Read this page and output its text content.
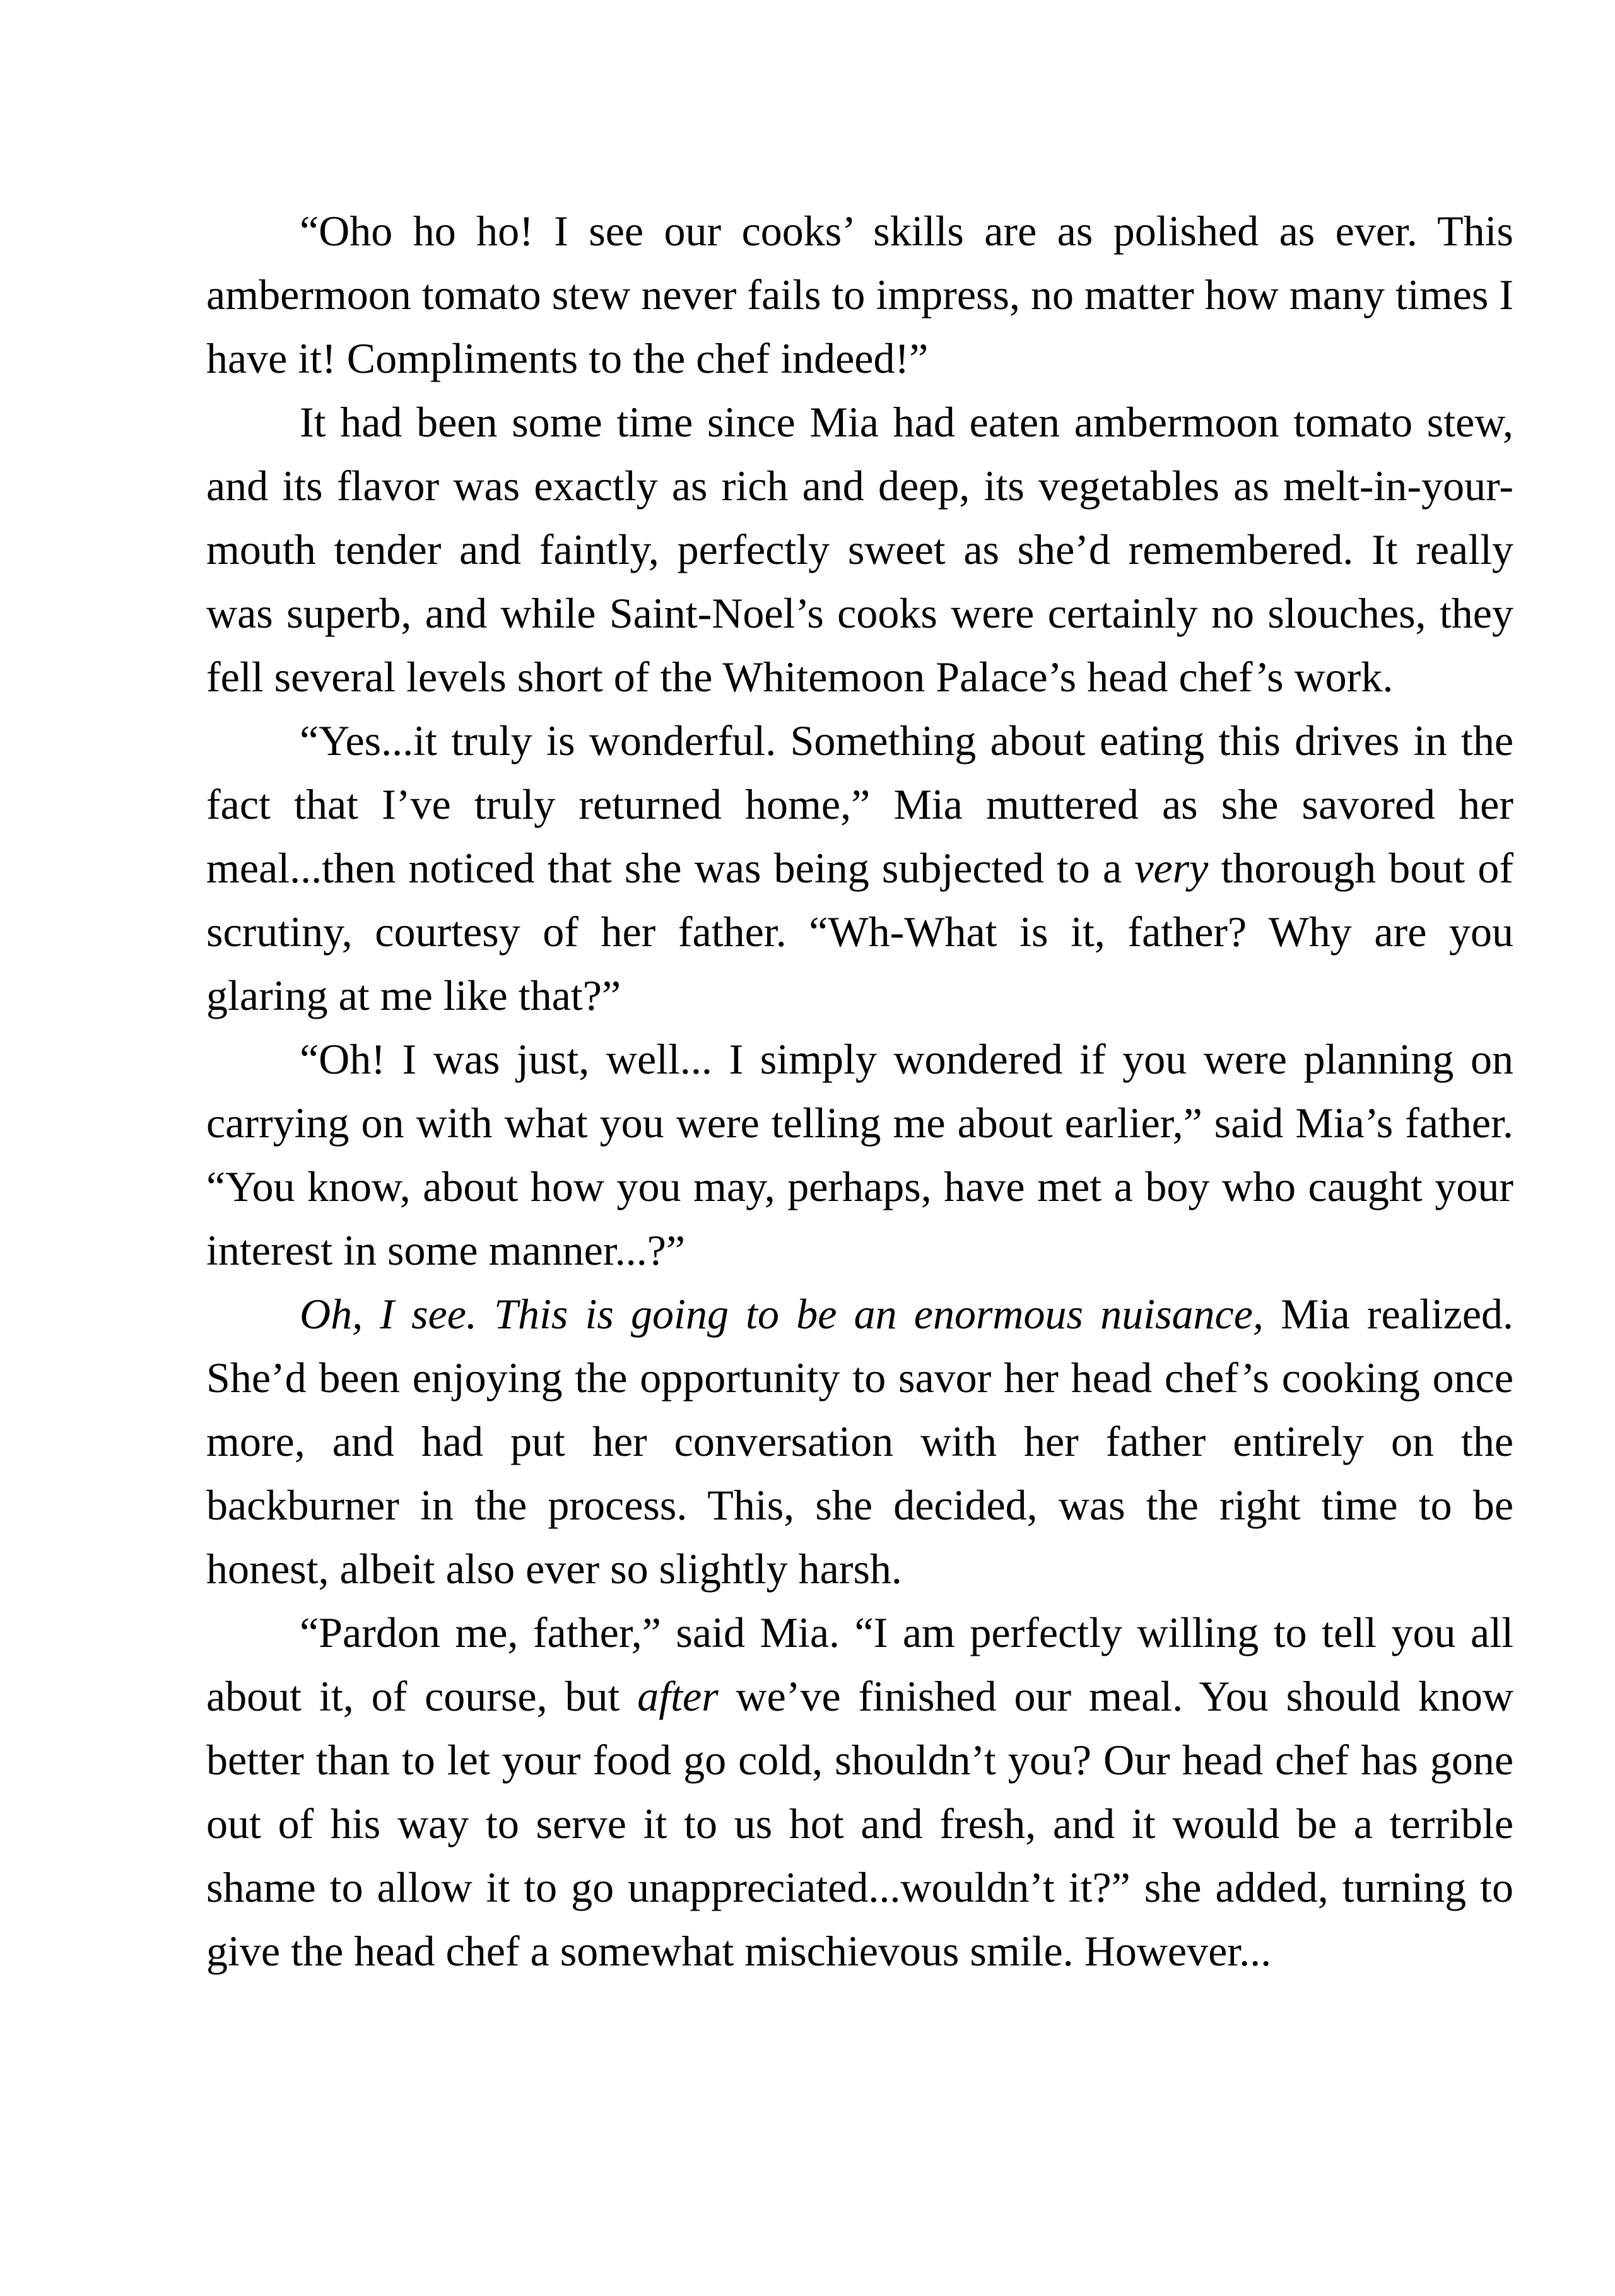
“Oho ho ho! I see our cooks’ skills are as polished as ever. This ambermoon tomato stew never fails to impress, no matter how many times I have it! Compliments to the chef indeed!”

It had been some time since Mia had eaten ambermoon tomato stew, and its flavor was exactly as rich and deep, its vegetables as melt-in-your-mouth tender and faintly, perfectly sweet as she’d remembered. It really was superb, and while Saint-Noel’s cooks were certainly no slouches, they fell several levels short of the Whitemoon Palace’s head chef’s work.

“Yes...it truly is wonderful. Something about eating this drives in the fact that I’ve truly returned home,” Mia muttered as she savored her meal...then noticed that she was being subjected to a very thorough bout of scrutiny, courtesy of her father. “Wh-What is it, father? Why are you glaring at me like that?”

“Oh! I was just, well... I simply wondered if you were planning on carrying on with what you were telling me about earlier,” said Mia’s father. “You know, about how you may, perhaps, have met a boy who caught your interest in some manner...?”

Oh, I see. This is going to be an enormous nuisance, Mia realized. She’d been enjoying the opportunity to savor her head chef’s cooking once more, and had put her conversation with her father entirely on the backburner in the process. This, she decided, was the right time to be honest, albeit also ever so slightly harsh.

“Pardon me, father,” said Mia. “I am perfectly willing to tell you all about it, of course, but after we’ve finished our meal. You should know better than to let your food go cold, shouldn’t you? Our head chef has gone out of his way to serve it to us hot and fresh, and it would be a terrible shame to allow it to go unappreciated...wouldn’t it?” she added, turning to give the head chef a somewhat mischievous smile. However...
